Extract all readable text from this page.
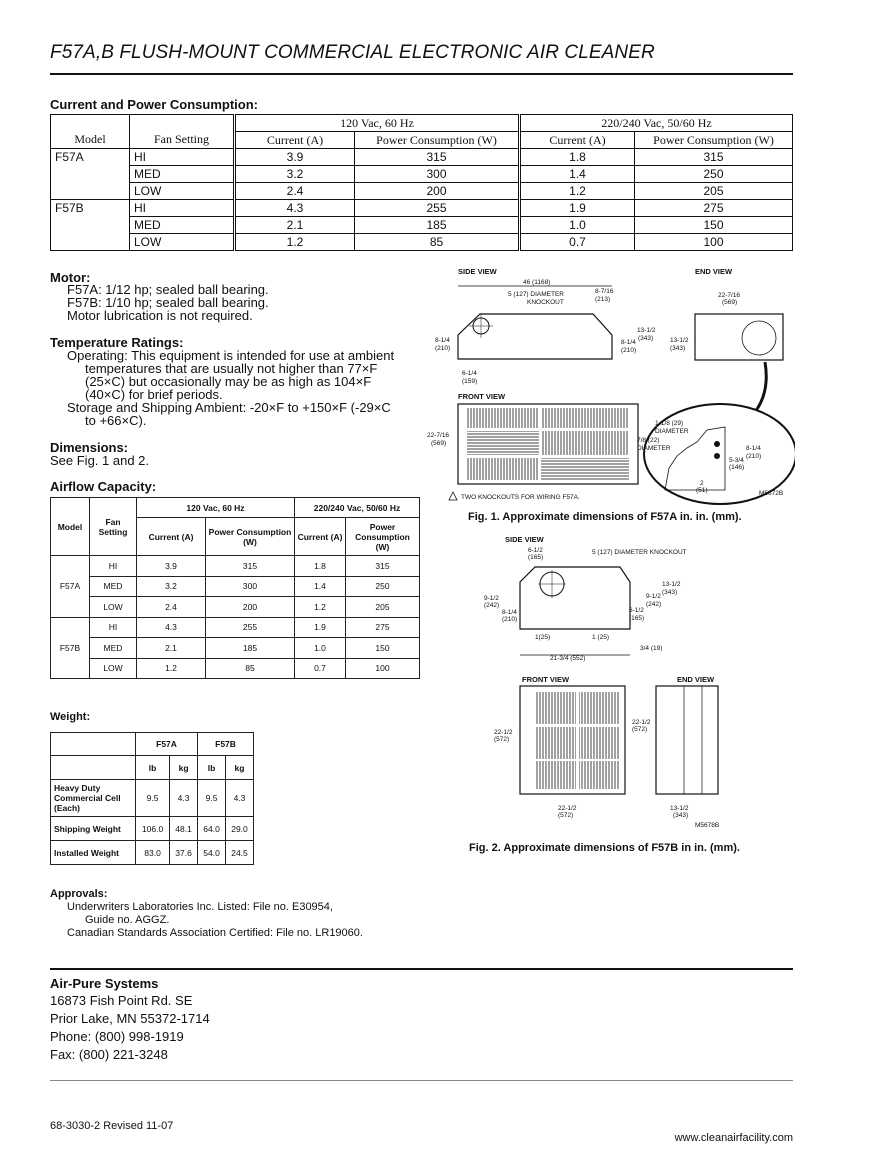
F57A,B FLUSH-MOUNT COMMERCIAL ELECTRONIC AIR CLEANER
Current and Power Consumption:
		120 Vac, 60 Hz		220/240 Vac, 50/60 Hz	
Model	Fan Setting	Current (A)	Power Consumption (W)	Current (A)	Power Consumption (W)
F57A	HI	3.9	315	1.8	315
	MED	3.2	300	1.4	250
	LOW	2.4	200	1.2	205
F57B	HI	4.3	255	1.9	275
	MED	2.1	185	1.0	150
	LOW	1.2	85	0.7	100
Motor:
F57A: 1/12 hp; sealed ball bearing.
F57B: 1/10 hp; sealed ball bearing.
Motor lubrication is not required.
Temperature Ratings:
Operating: This equipment is intended for use at ambient
temperatures that are usually not higher than 77×F
(25×C) but occasionally may be as high as 104×F
(40×C) for brief periods.
Storage and Shipping Ambient: -20×F to +150×F (-29×C
to +66×C).
Dimensions:
See Fig. 1 and 2.
Airflow Capacity:
Model	Fan Setting	120 Vac, 60 Hz		220/240 Vac, 50/60 Hz	
		Current (A)	Power Consumption (W)	Current (A)	Power Consumption (W)
F57A	HI	3.9	315	1.8	315
	MED	3.2	300	1.4	250
	LOW	2.4	200	1.2	205
F57B	HI	4.3	255	1.9	275
	MED	2.1	185	1.0	150
	LOW	1.2	85	0.7	100
Weight:
	F57A		F57B	
	lb	kg	lb	kg
Heavy Duty Commercial Cell (Each)	9.5	4.3	9.5	4.3
Shipping Weight	106.0	48.1	64.0	29.0
Installed Weight	83.0	37.6	54.0	24.5
Approvals:
Underwriters Laboratories Inc. Listed: File no. E30954,
Guide no. AGGZ.
Canadian Standards Association Certified: File no. LR19060.
Air-Pure Systems
16873 Fish Point Rd. SE
Prior Lake, MN 55372-1714
Phone: (800) 998-1919
Fax: (800) 221-3248
68-3030-2 Revised 11-07
www.cleanairfacility.com
SIDE VIEW
46 (1168)
5 (127) DIAMETER
KNOCKOUT
8-7/16
(213)
13-1/2
(343)
8-1/4
(210)
8-1/4
(210)
6-1/4
(159)
END VIEW
22-7/16
(569)
13-1/2
(343)
FRONT VIEW
22-7/16
(569)
1-1/8 (29)
DIAMETER
7/8 (22)
DIAMETER	8-1/4
(210)
5-3/4
(146)
2
(51)
TWO KNOCKOUTS FOR WIRING F57A.
M5672B
Fig. 1. Approximate dimensions of F57A in. in. (mm).
SIDE VIEW
6-1/2
(165)
5 (127) DIAMETER KNOCKOUT
13-1/2
(343)
9-1/2
(242)
6-1/2
(165)
9-1/2
(242)
8-1/4
(210)
1(25)	1 (25)
3/4 (19)
21-3/4 (552)
FRONT VIEW
22-1/2
(572)
22-1/2
(572)
END VIEW
22-1/2
(572)
13-1/2
(343)
M5678B
Fig. 2. Approximate dimensions of F57B in in. (mm).
